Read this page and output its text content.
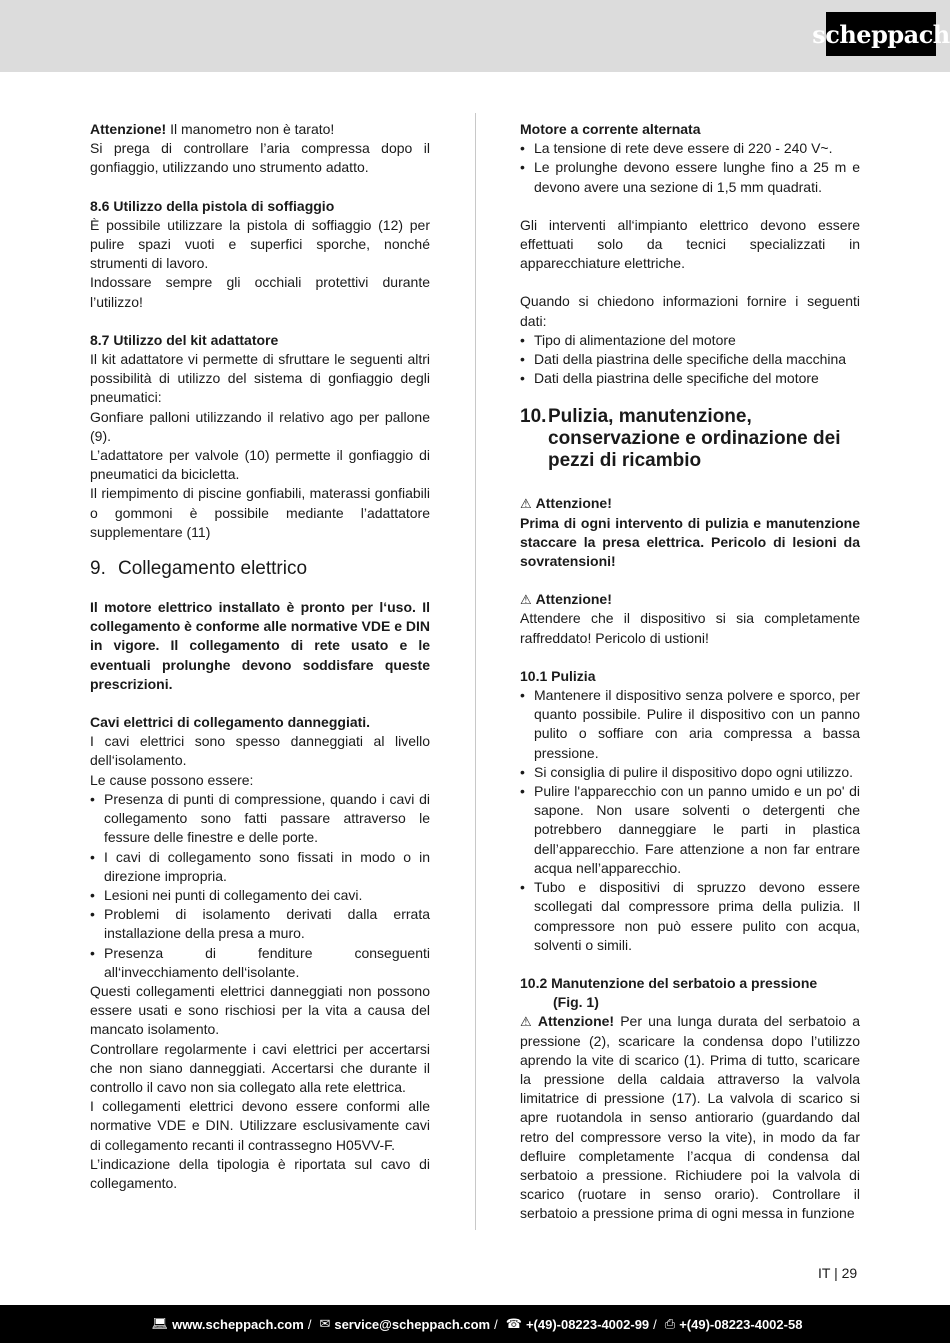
scheppach

Attenzione! Il manometro non è tarato!

Si prega di controllare l’aria compressa dopo il gonfiaggio, utilizzando uno strumento adatto.

8.6 Utilizzo della pistola di soffiaggio

È possibile utilizzare la pistola di soffiaggio (12) per pulire spazi vuoti e superfici sporche, nonché strumenti di lavoro.

Indossare sempre gli occhiali protettivi durante l’utilizzo!

8.7 Utilizzo del kit adattatore

Il kit adattatore vi permette di sfruttare le seguenti altri possibilità di utilizzo del sistema di gonfiaggio degli pneumatici:

Gonfiare palloni utilizzando il relativo ago per pallone (9).

L’adattatore per valvole (10) permette il gonfiaggio di pneumatici da bicicletta.

Il riempimento di piscine gonfiabili, materassi gonfiabili o gommoni è possibile mediante l’adattatore supplementare (11)

9. Collegamento elettrico

Il motore elettrico installato è pronto per l‘uso. Il collegamento è conforme alle normative VDE e DIN in vigore. Il collegamento di rete usato e le eventuali prolunghe devono soddisfare queste prescrizioni.

Cavi elettrici di collegamento danneggiati.

I cavi elettrici sono spesso danneggiati al livello dell‘isolamento.

Le cause possono essere:

• Presenza di punti di compressione, quando i cavi di collegamento sono fatti passare attraverso le fessure delle finestre e delle porte.
• I cavi di collegamento sono fissati in modo o in direzione impropria.
• Lesioni nei punti di collegamento dei cavi.
• Problemi di isolamento derivati dalla errata installazione della presa a muro.
• Presenza di fenditure conseguenti all‘invecchiamento dell‘isolante.

Questi collegamenti elettrici danneggiati non possono essere usati e sono rischiosi per la vita a causa del mancato isolamento.

Controllare regolarmente i cavi elettrici per accertarsi che non siano danneggiati. Accertarsi che durante il controllo il cavo non sia collegato alla rete elettrica.

I collegamenti elettrici devono essere conformi alle normative VDE e DIN. Utilizzare esclusivamente cavi di collegamento recanti il contrassegno H05VV-F.

L’indicazione della tipologia è riportata sul cavo di collegamento.

Motore a corrente alternata

• La tensione di rete deve essere di 220 - 240 V~.
• Le prolunghe devono essere lunghe fino a 25 m e devono avere una sezione di 1,5 mm quadrati.

Gli interventi all‘impianto elettrico devono essere effettuati solo da tecnici specializzati in apparecchiature elettriche.

Quando si chiedono informazioni fornire i seguenti dati:

• Tipo di alimentazione del motore
• Dati della piastrina delle specifiche della macchina
• Dati della piastrina delle specifiche del motore
10. Pulizia, manutenzione, conservazione e ordinazione dei pezzi di ricambio

⚠ Attenzione!

Prima di ogni intervento di pulizia e manutenzione staccare la presa elettrica. Pericolo di lesioni da sovratensioni!

⚠ Attenzione!

Attendere che il dispositivo si sia completamente raffreddato! Pericolo di ustioni!

10.1 Pulizia

• Mantenere il dispositivo senza polvere e sporco, per quanto possibile. Pulire il dispositivo con un panno pulito o soffiare con aria compressa a bassa pressione.
• Si consiglia di pulire il dispositivo dopo ogni utilizzo.
• Pulire l'apparecchio con un panno umido e un po' di sapone. Non usare solventi o detergenti che potrebbero danneggiare le parti in plastica dell’apparecchio. Fare attenzione a non far entrare acqua nell’apparecchio.
• Tubo e dispositivi di spruzzo devono essere scollegati dal compressore prima della pulizia. Il compressore non può essere pulito con acqua, solventi o simili.

10.2 Manutenzione del serbatoio a pressione

(Fig. 1)

⚠ Attenzione! Per una lunga durata del serbatoio a pressione (2), scaricare la condensa dopo l’utilizzo aprendo la vite di scarico (1). Prima di tutto, scaricare la pressione della caldaia attraverso la valvola limitatrice di pressione (17). La valvola di scarico si apre ruotandola in senso antiorario (guardando dal retro del compressore verso la vite), in modo da far defluire completamente l’acqua di condensa dal serbatoio a pressione. Richiudere poi la valvola di scarico (ruotare in senso orario). Controllare il serbatoio a pressione prima di ogni messa in funzione

IT | 29
💻︎ www.scheppach.com / ✉ service@scheppach.com / ☎ +(49)-08223-4002-99 / ⎙ +(49)-08223-4002-58
